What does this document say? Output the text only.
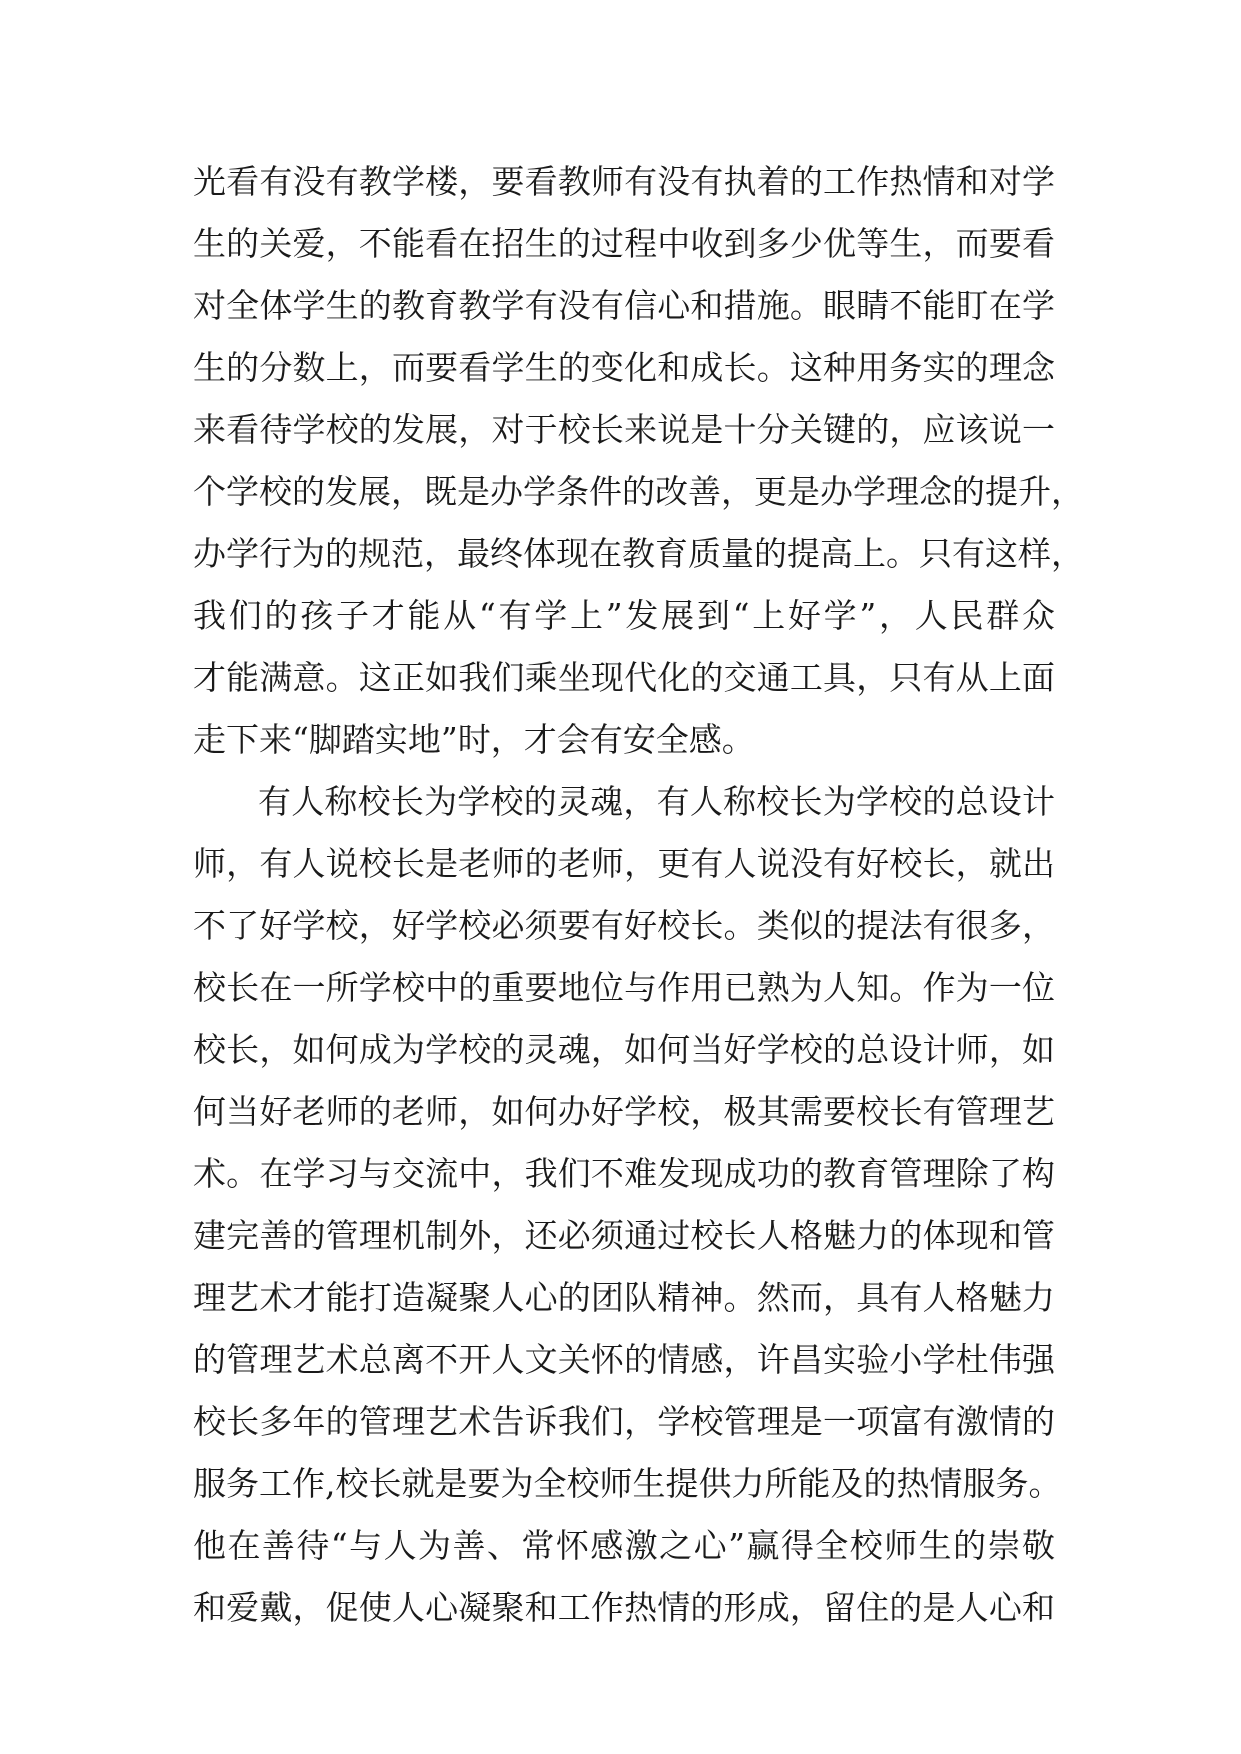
光看有没有教学楼，要看教师有没有执着的工作热情和对学
生的关爱，不能看在招生的过程中收到多少优等生，而要看
对全体学生的教育教学有没有信心和措施。眼睛不能盯在学
生的分数上，而要看学生的变化和成长。这种用务实的理念
来看待学校的发展，对于校长来说是十分关键的，应该说一
个学校的发展，既是办学条件的改善，更是办学理念的提升，
办学行为的规范，最终体现在教育质量的提高上。只有这样，
我们的孩子才能从“有学上”发展到“上好学”，人民群众
才能满意。这正如我们乘坐现代化的交通工具，只有从上面
走下来“脚踏实地”时，才会有安全感。
有人称校长为学校的灵魂，有人称校长为学校的总设计
师，有人说校长是老师的老师，更有人说没有好校长，就出
不了好学校，好学校必须要有好校长。类似的提法有很多，
校长在一所学校中的重要地位与作用已熟为人知。作为一位
校长，如何成为学校的灵魂，如何当好学校的总设计师，如
何当好老师的老师，如何办好学校，极其需要校长有管理艺
术。在学习与交流中，我们不难发现成功的教育管理除了构
建完善的管理机制外，还必须通过校长人格魅力的体现和管
理艺术才能打造凝聚人心的团队精神。然而，具有人格魅力
的管理艺术总离不开人文关怀的情感，许昌实验小学杜伟强
校长多年的管理艺术告诉我们，学校管理是一项富有激情的
服务工作,校长就是要为全校师生提供力所能及的热情服务。
他在善待“与人为善、常怀感激之心”赢得全校师生的崇敬
和爱戴，促使人心凝聚和工作热情的形成，留住的是人心和
